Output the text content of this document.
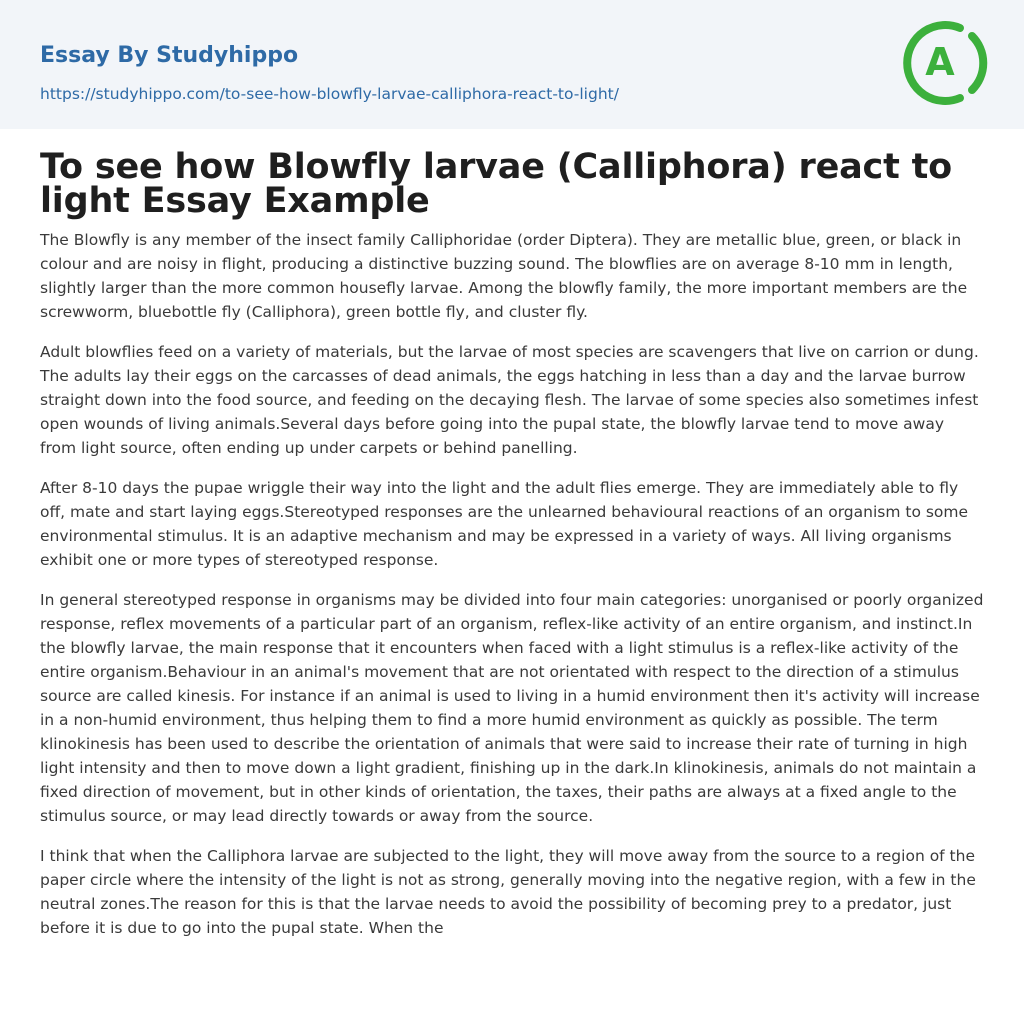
Essay By Studyhippo
https://studyhippo.com/to-see-how-blowfly-larvae-calliphora-react-to-light/
A
To see how Blowfly larvae (Calliphora) react to light Essay Example

The Blowfly is any member of the insect family Calliphoridae (order Diptera). They are metallic blue, green, or black in colour and are noisy in flight, producing a distinctive buzzing sound. The blowflies are on average 8-10 mm in length, slightly larger than the more common housefly larvae. Among the blowfly family, the more important members are the screwworm, bluebottle fly (Calliphora), green bottle fly, and cluster fly.

Adult blowflies feed on a variety of materials, but the larvae of most species are scavengers that live on carrion or dung. The adults lay their eggs on the carcasses of dead animals, the eggs hatching in less than a day and the larvae burrow straight down into the food source, and feeding on the decaying flesh. The larvae of some species also sometimes infest open wounds of living animals.Several days before going into the pupal state, the blowfly larvae tend to move away from light source, often ending up under carpets or behind panelling.

After 8-10 days the pupae wriggle their way into the light and the adult flies emerge. They are immediately able to fly off, mate and start laying eggs.Stereotyped responses are the unlearned behavioural reactions of an organism to some environmental stimulus. It is an adaptive mechanism and may be expressed in a variety of ways. All living organisms exhibit one or more types of stereotyped response.

In general stereotyped response in organisms may be divided into four main categories: unorganised or poorly organized response, reflex movements of a particular part of an organism, reflex-like activity of an entire organism, and instinct.In the blowfly larvae, the main response that it encounters when faced with a light stimulus is a reflex-like activity of the entire organism.Behaviour in an animal's movement that are not orientated with respect to the direction of a stimulus source are called kinesis. For instance if an animal is used to living in a humid environment then it's activity will increase in a non-humid environment, thus helping them to find a more humid environment as quickly as possible. The term klinokinesis has been used to describe the orientation of animals that were said to increase their rate of turning in high light intensity and then to move down a light gradient, finishing up in the dark.In klinokinesis, animals do not maintain a fixed direction of movement, but in other kinds of orientation, the taxes, their paths are always at a fixed angle to the stimulus source, or may lead directly towards or away from the source.

I think that when the Calliphora larvae are subjected to the light, they will move away from the source to a region of the paper circle where the intensity of the light is not as strong, generally moving into the negative region, with a few in the neutral zones.The reason for this is that the larvae needs to avoid the possibility of becoming prey to a predator, just before it is due to go into the pupal state. When the
